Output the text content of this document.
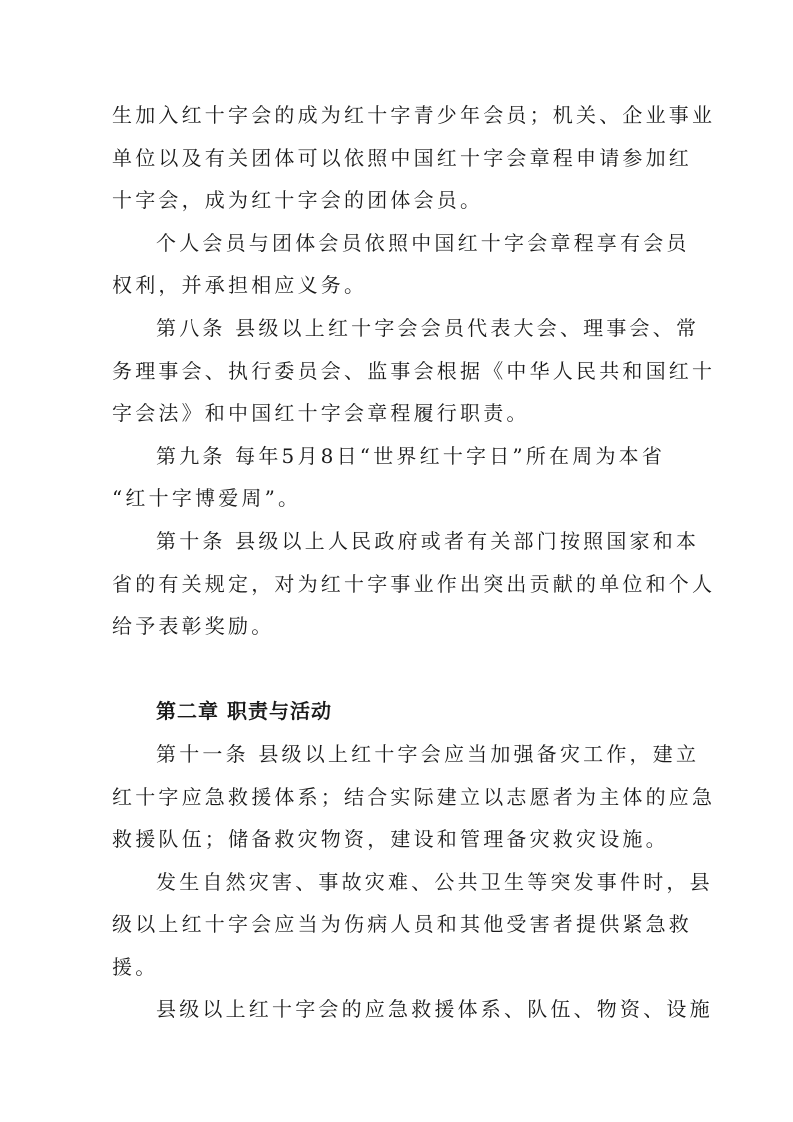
生加入红十字会的成为红十字青少年会员；机关、企业事业
单位以及有关团体可以依照中国红十字会章程申请参加红
十字会，成为红十字会的团体会员。
个人会员与团体会员依照中国红十字会章程享有会员
权利，并承担相应义务。
第八条 县级以上红十字会会员代表大会、理事会、常
务理事会、执行委员会、监事会根据《中华人民共和国红十
字会法》和中国红十字会章程履行职责。
第九条 每年5月8日“世界红十字日”所在周为本省
“红十字博爱周”。
第十条 县级以上人民政府或者有关部门按照国家和本
省的有关规定，对为红十字事业作出突出贡献的单位和个人
给予表彰奖励。
第二章 职责与活动
第十一条 县级以上红十字会应当加强备灾工作，建立
红十字应急救援体系；结合实际建立以志愿者为主体的应急
救援队伍；储备救灾物资，建设和管理备灾救灾设施。
发生自然灾害、事故灾难、公共卫生等突发事件时，县
级以上红十字会应当为伤病人员和其他受害者提供紧急救
援。
县级以上红十字会的应急救援体系、队伍、物资、设施
